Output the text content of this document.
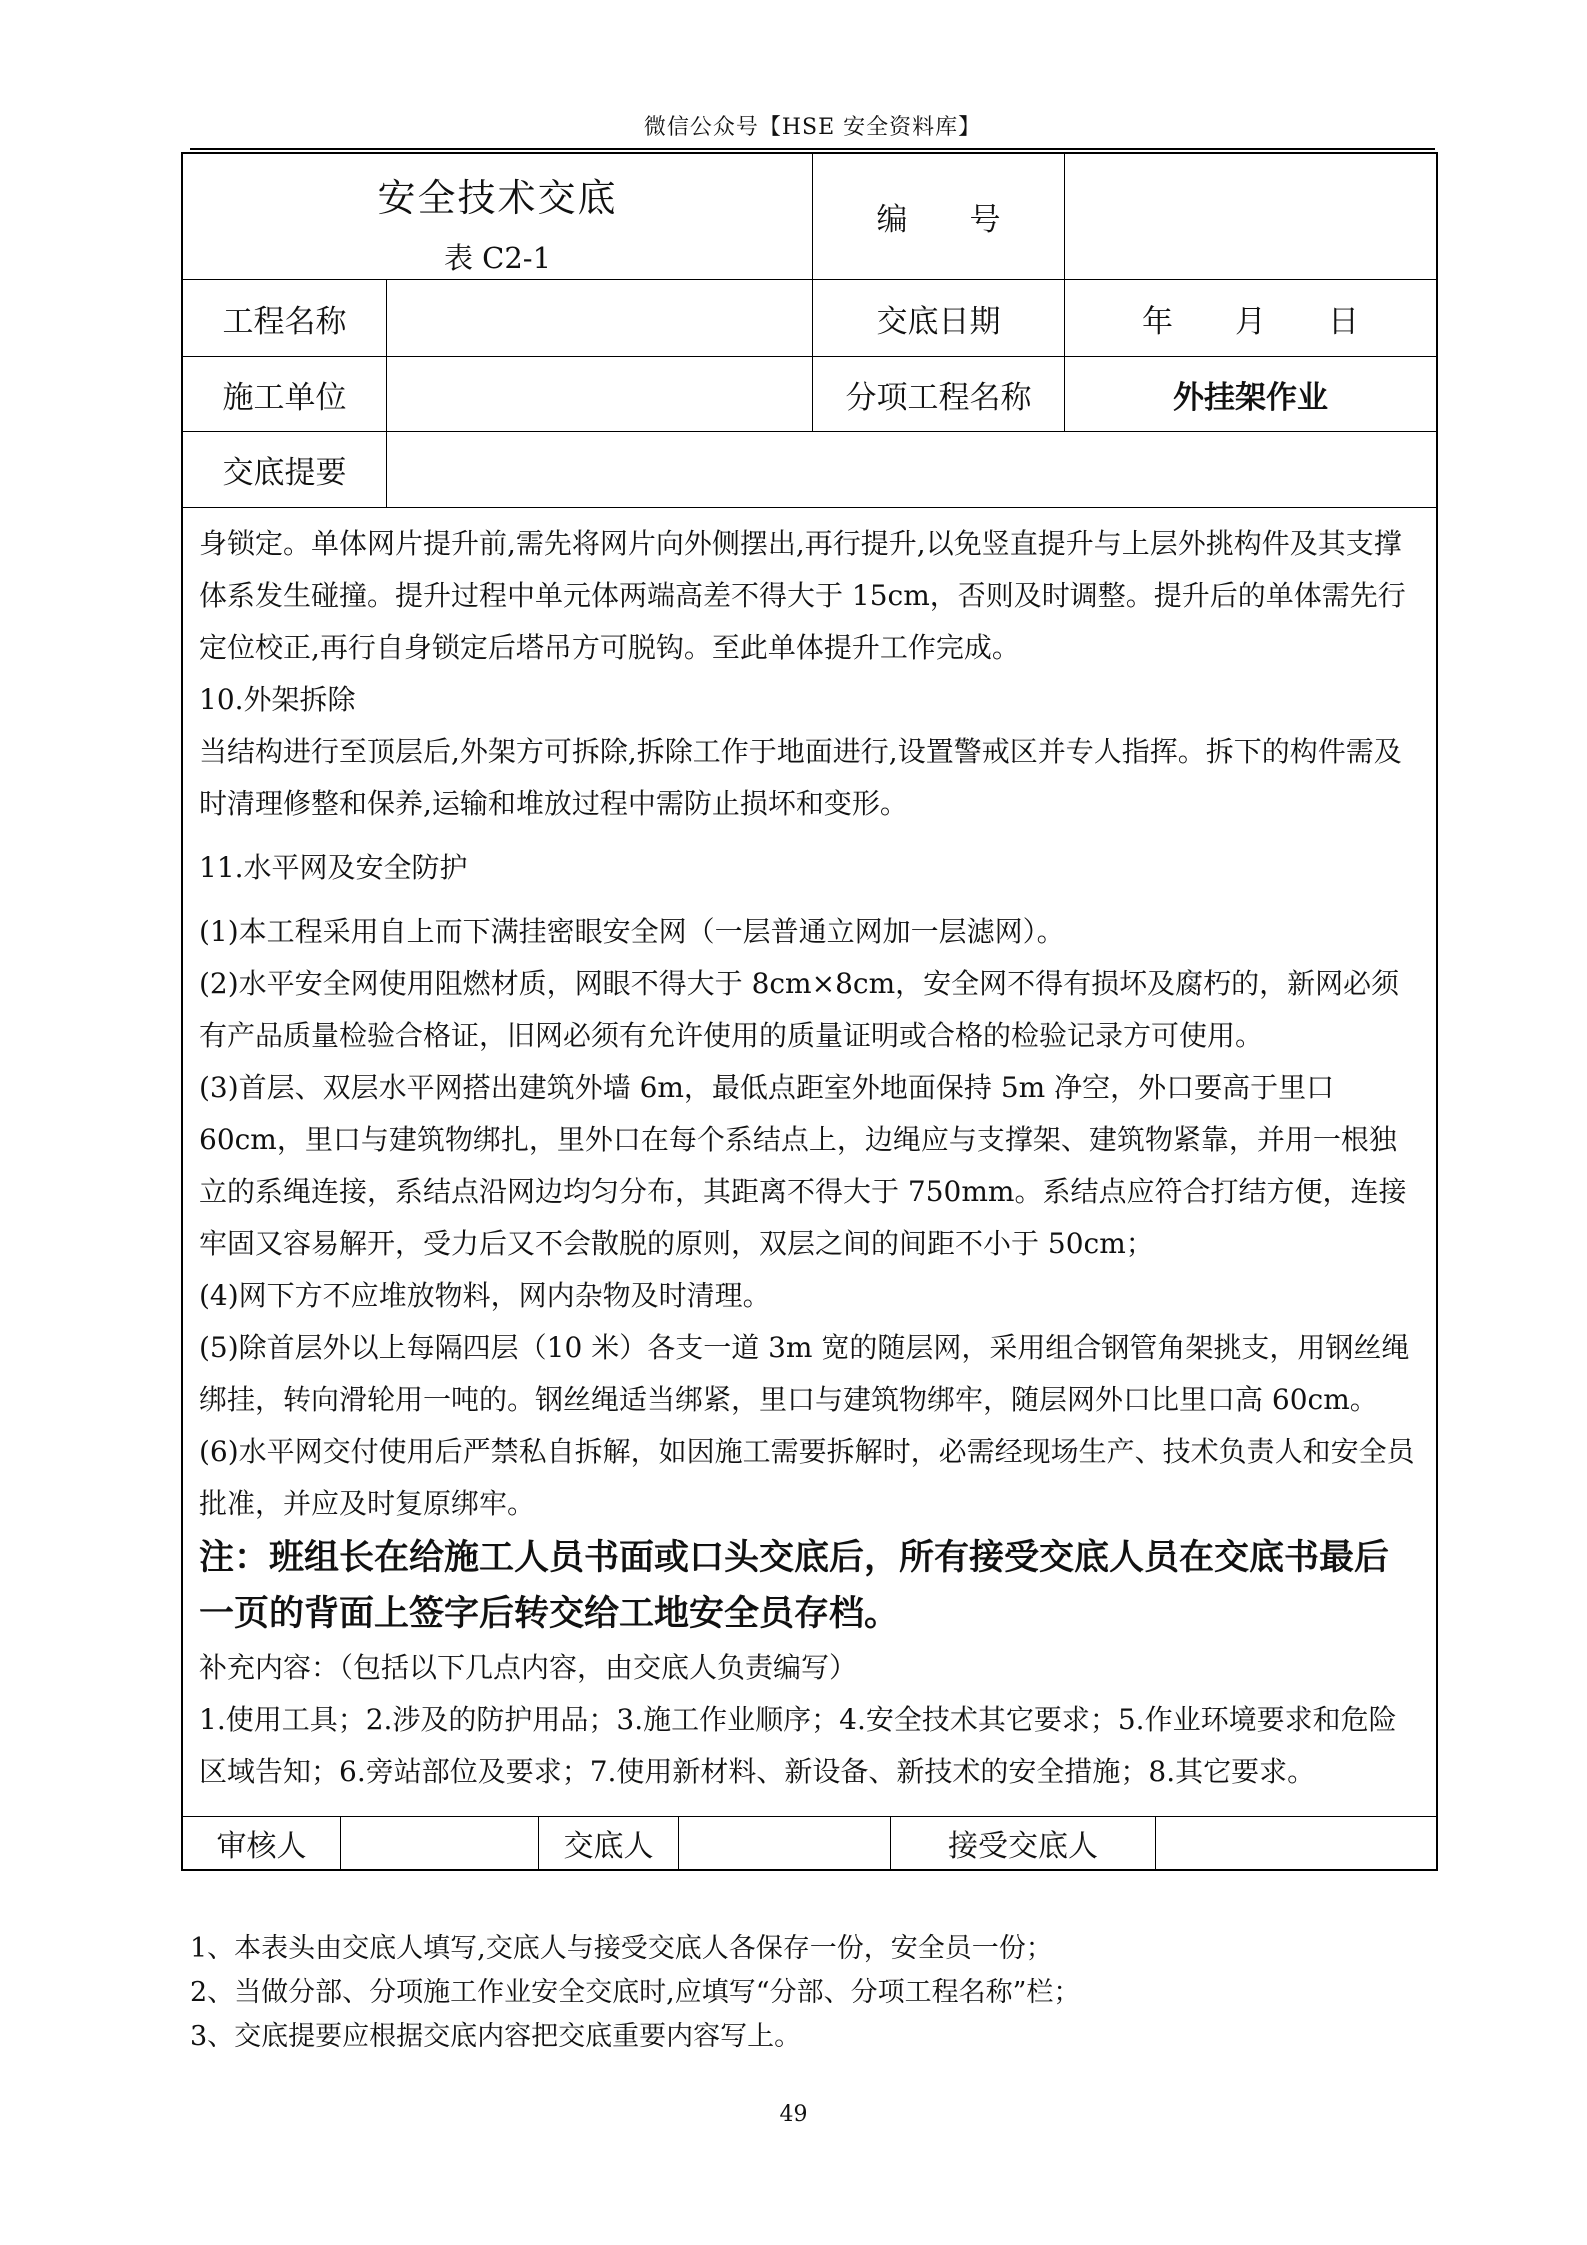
微信公众号【HSE 安全资料库】
安全技术交底
表 C2-1
编　　号
工程名称	交底日期	年　　月　　日
施工单位	分项工程名称	外挂架作业
交底提要

身锁定。单体网片提升前,需先将网片向外侧摆出,再行提升,以免竖直提升与上层外挑构件及其支撑体系发生碰撞。提升过程中单元体两端高差不得大于 15cm，否则及时调整。提升后的单体需先行定位校正,再行自身锁定后塔吊方可脱钩。至此单体提升工作完成。

10.外架拆除

当结构进行至顶层后,外架方可拆除,拆除工作于地面进行,设置警戒区并专人指挥。拆下的构件需及时清理修整和保养,运输和堆放过程中需防止损坏和变形。

11.水平网及安全防护

(1)本工程采用自上而下满挂密眼安全网（一层普通立网加一层滤网）。

(2)水平安全网使用阻燃材质，网眼不得大于 8cm×8cm，安全网不得有损坏及腐朽的，新网必须有产品质量检验合格证，旧网必须有允许使用的质量证明或合格的检验记录方可使用。

(3)首层、双层水平网搭出建筑外墙 6m，最低点距室外地面保持 5m 净空，外口要高于里口 60cm，里口与建筑物绑扎，里外口在每个系结点上，边绳应与支撑架、建筑物紧靠，并用一根独立的系绳连接，系结点沿网边均匀分布，其距离不得大于 750mm。系结点应符合打结方便，连接牢固又容易解开，受力后又不会散脱的原则，双层之间的间距不小于 50cm；

(4)网下方不应堆放物料，网内杂物及时清理。

(5)除首层外以上每隔四层（10 米）各支一道 3m 宽的随层网，采用组合钢管角架挑支，用钢丝绳绑挂，转向滑轮用一吨的。钢丝绳适当绑紧，里口与建筑物绑牢，随层网外口比里口高 60cm。

(6)水平网交付使用后严禁私自拆解，如因施工需要拆解时，必需经现场生产、技术负责人和安全员批准，并应及时复原绑牢。

注：班组长在给施工人员书面或口头交底后，所有接受交底人员在交底书最后一页的背面上签字后转交给工地安全员存档。

补充内容：（包括以下几点内容，由交底人负责编写）

1.使用工具；2.涉及的防护用品；3.施工作业顺序；4.安全技术其它要求；5.作业环境要求和危险区域告知；6.旁站部位及要求；7.使用新材料、新设备、新技术的安全措施；8.其它要求。

审核人	交底人	接受交底人

1、本表头由交底人填写,交底人与接受交底人各保存一份，安全员一份；

2、当做分部、分项施工作业安全交底时,应填写“分部、分项工程名称”栏；

3、交底提要应根据交底内容把交底重要内容写上。

49
